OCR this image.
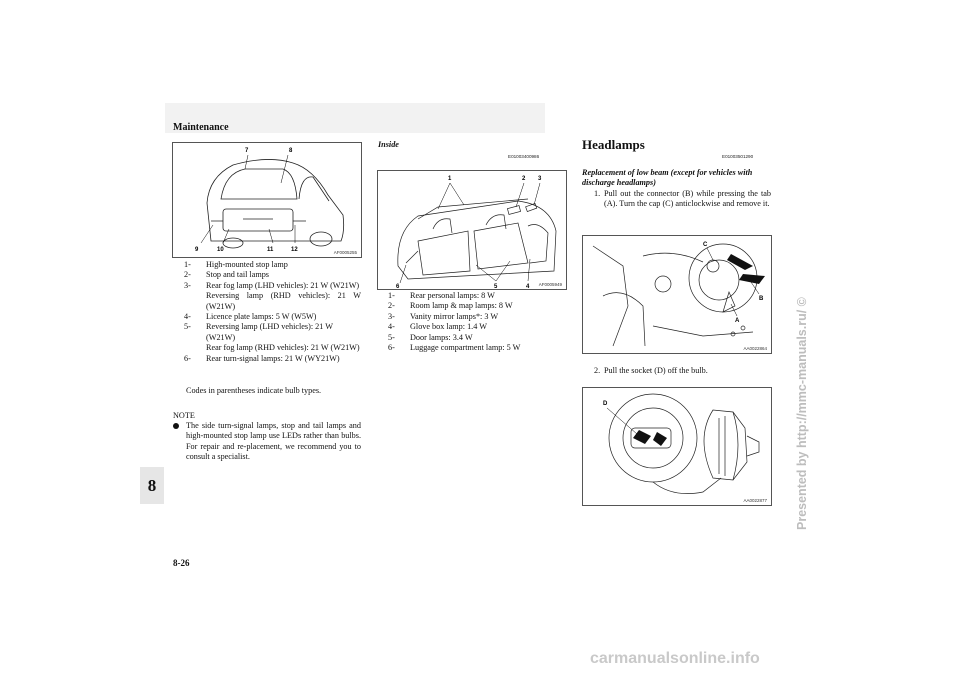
Maintenance
8
8-26
Presented by http://mmc-manuals.ru/ ©
carmanualsonline.info
7	8
9	10	11	12	AF0005255
1- High-mounted stop lamp
2- Stop and tail lamps
3- Rear fog lamp (LHD vehicles): 21 W (W21W)
Reversing lamp (RHD vehicles): 21 W (W21W)
4- Licence plate lamps: 5 W (W5W)
5- Reversing lamp (LHD vehicles): 21 W (W21W)
Rear fog lamp (RHD vehicles): 21 W (W21W)
6- Rear turn-signal lamps: 21 W (WY21W)
Codes in parentheses indicate bulb types.
NOTE
The side turn-signal lamps, stop and tail lamps and high-mounted stop lamp use LEDs rather than bulbs. For repair and re-placement, we recommend you to consult a specialist.
Inside
E01003400986
1	2 3
4
5
6	AF0005949
1- Rear personal lamps: 8 W
2- Room lamp & map lamps: 8 W
3- Vanity mirror lamps*: 3 W
4- Glove box lamp: 1.4 W
5- Door lamps: 3.4 W
6- Luggage compartment lamp: 5 W
Headlamps
E01003501290
Replacement of low beam (except for vehicles with discharge headlamps)
1. Pull out the connector (B) while pressing the tab (A). Turn the cap (C) anticlockwise and remove it.
C
B
A
AA0022864
2. Pull the socket (D) off the bulb.
D
AA0022877
